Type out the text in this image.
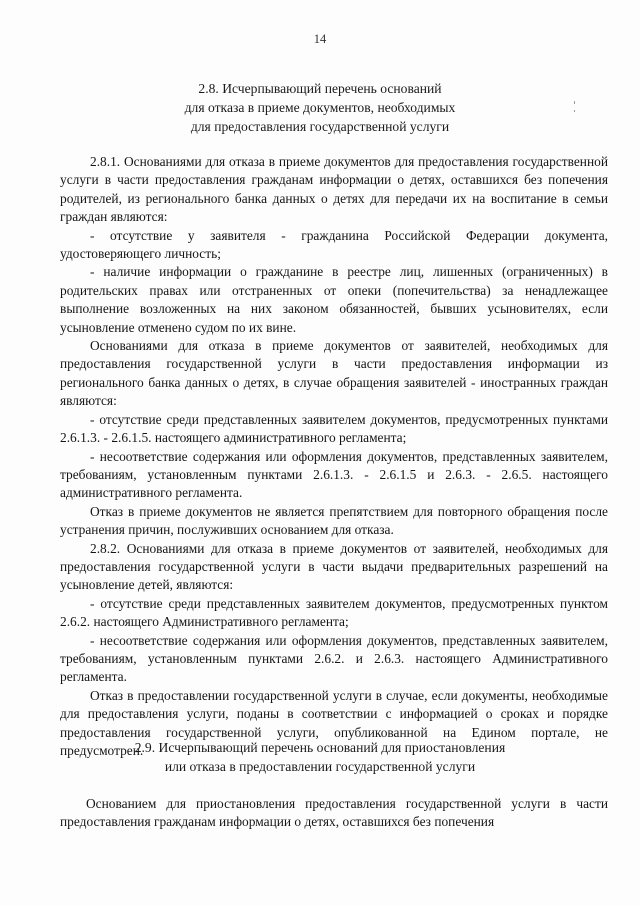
14
2.8. Исчерпывающий перечень оснований
для отказа в приеме документов, необходимых
для предоставления государственной услуги

2.8.1. Основаниями для отказа в приеме документов для предоставления государственной услуги в части предоставления гражданам информации о детях, оставшихся без попечения родителей, из регионального банка данных о детях для передачи их на воспитание в семьи граждан являются:

- отсутствие у заявителя - гражданина Российской Федерации документа, удостоверяющего личность;

- наличие информации о гражданине в реестре лиц, лишенных (ограниченных) в родительских правах или отстраненных от опеки (попечительства) за ненадлежащее выполнение возложенных на них законом обязанностей, бывших усыновителях, если усыновление отменено судом по их вине.

Основаниями для отказа в приеме документов от заявителей, необходимых для предоставления государственной услуги в части предоставления информации из регионального банка данных о детях, в случае обращения заявителей - иностранных граждан являются:

- отсутствие среди представленных заявителем документов, предусмотренных пунктами 2.6.1.3. - 2.6.1.5. настоящего административного регламента;

- несоответствие содержания или оформления документов, представленных заявителем, требованиям, установленным пунктами 2.6.1.3. - 2.6.1.5 и 2.6.3. - 2.6.5. настоящего административного регламента.

Отказ в приеме документов не является препятствием для повторного обращения после устранения причин, послуживших основанием для отказа.

2.8.2. Основаниями для отказа в приеме документов от заявителей, необходимых для предоставления государственной услуги в части выдачи предварительных разрешений на усыновление детей, являются:

- отсутствие среди представленных заявителем документов, предусмотренных пунктом 2.6.2. настоящего Административного регламента;

- несоответствие содержания или оформления документов, представленных заявителем, требованиям, установленным пунктами 2.6.2. и 2.6.3. настоящего Административного регламента.

Отказ в предоставлении государственной услуги в случае, если документы, необходимые для предоставления услуги, поданы в соответствии с информацией о сроках и порядке предоставления государственной услуги, опубликованной на Едином портале, не предусмотрен.

2.9. Исчерпывающий перечень оснований для приостановления
или отказа в предоставлении государственной услуги

Основанием для приостановления предоставления государственной услуги в части предоставления гражданам информации о детях, оставшихся без попечения
